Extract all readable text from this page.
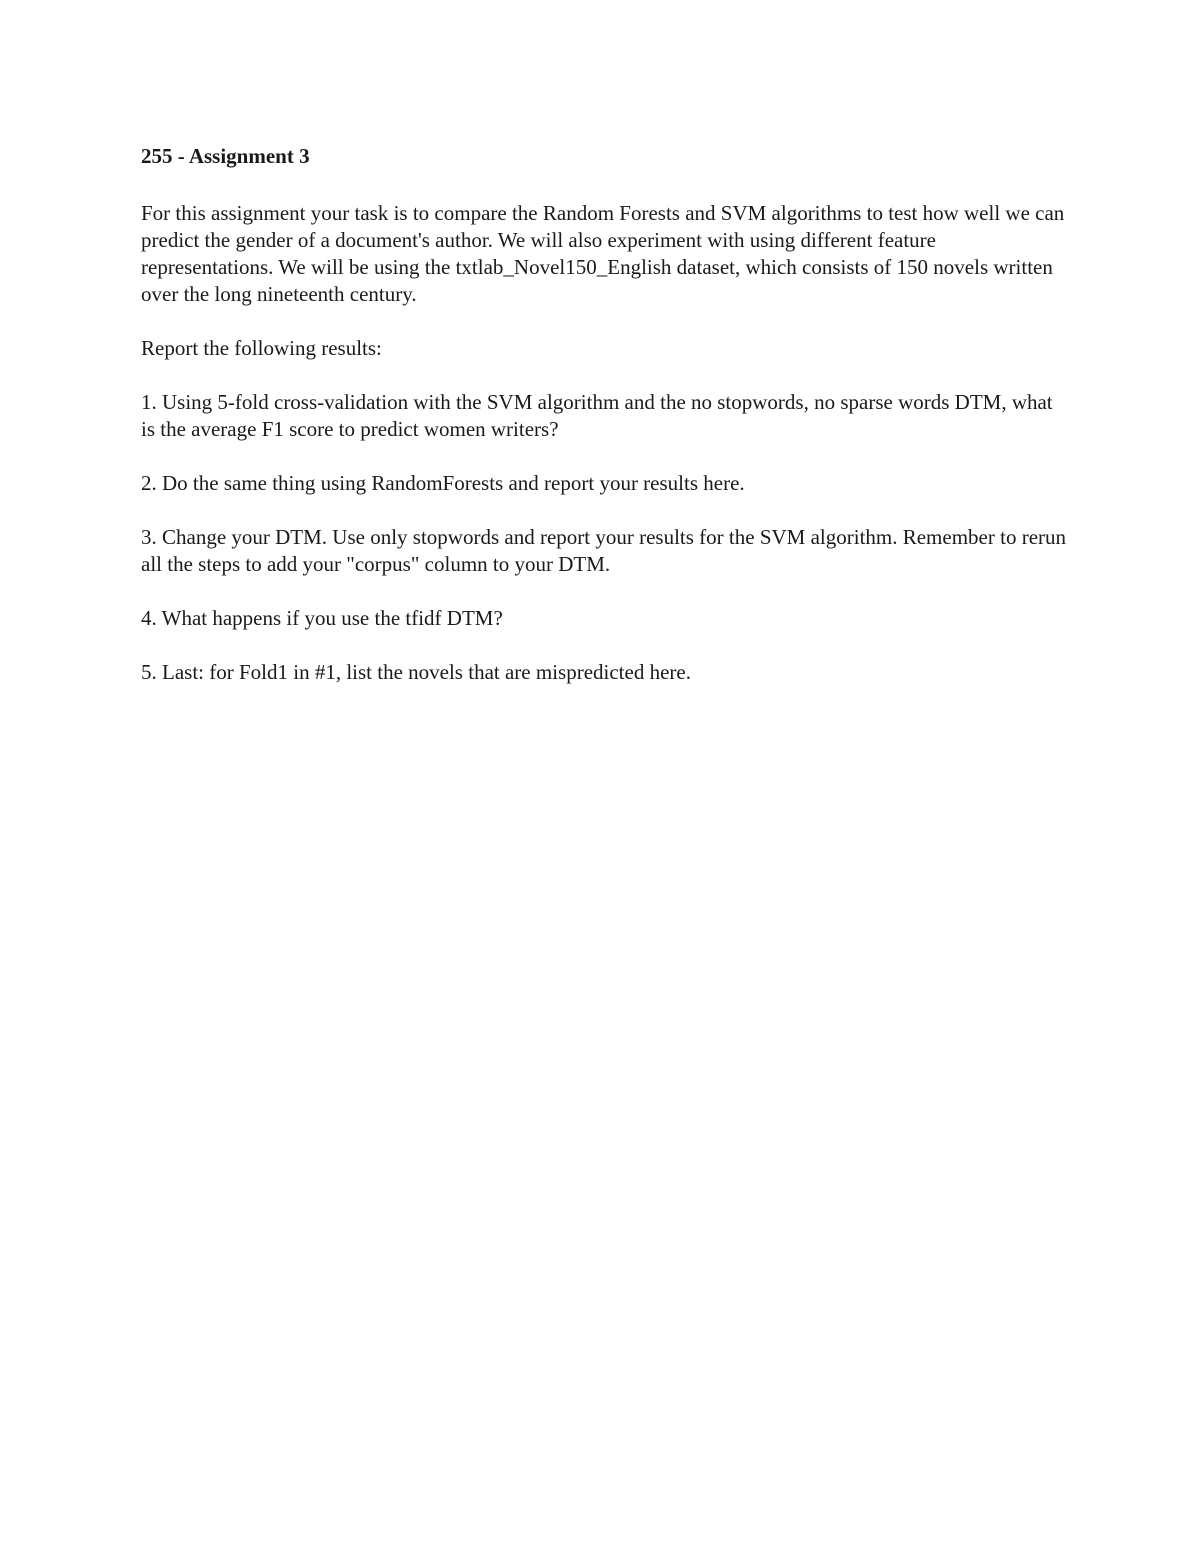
255 - Assignment 3
For this assignment your task is to compare the Random Forests and SVM algorithms to test how well we can predict the gender of a document's author. We will also experiment with using different feature representations. We will be using the txtlab_Novel150_English dataset, which consists of 150 novels written over the long nineteenth century.
Report the following results:
1. Using 5-fold cross-validation with the SVM algorithm and the no stopwords, no sparse words DTM, what is the average F1 score to predict women writers?
2. Do the same thing using RandomForests and report your results here.
3. Change your DTM. Use only stopwords and report your results for the SVM algorithm. Remember to rerun all the steps to add your "corpus" column to your DTM.
4. What happens if you use the tfidf DTM?
5. Last: for Fold1 in #1, list the novels that are mispredicted here.
